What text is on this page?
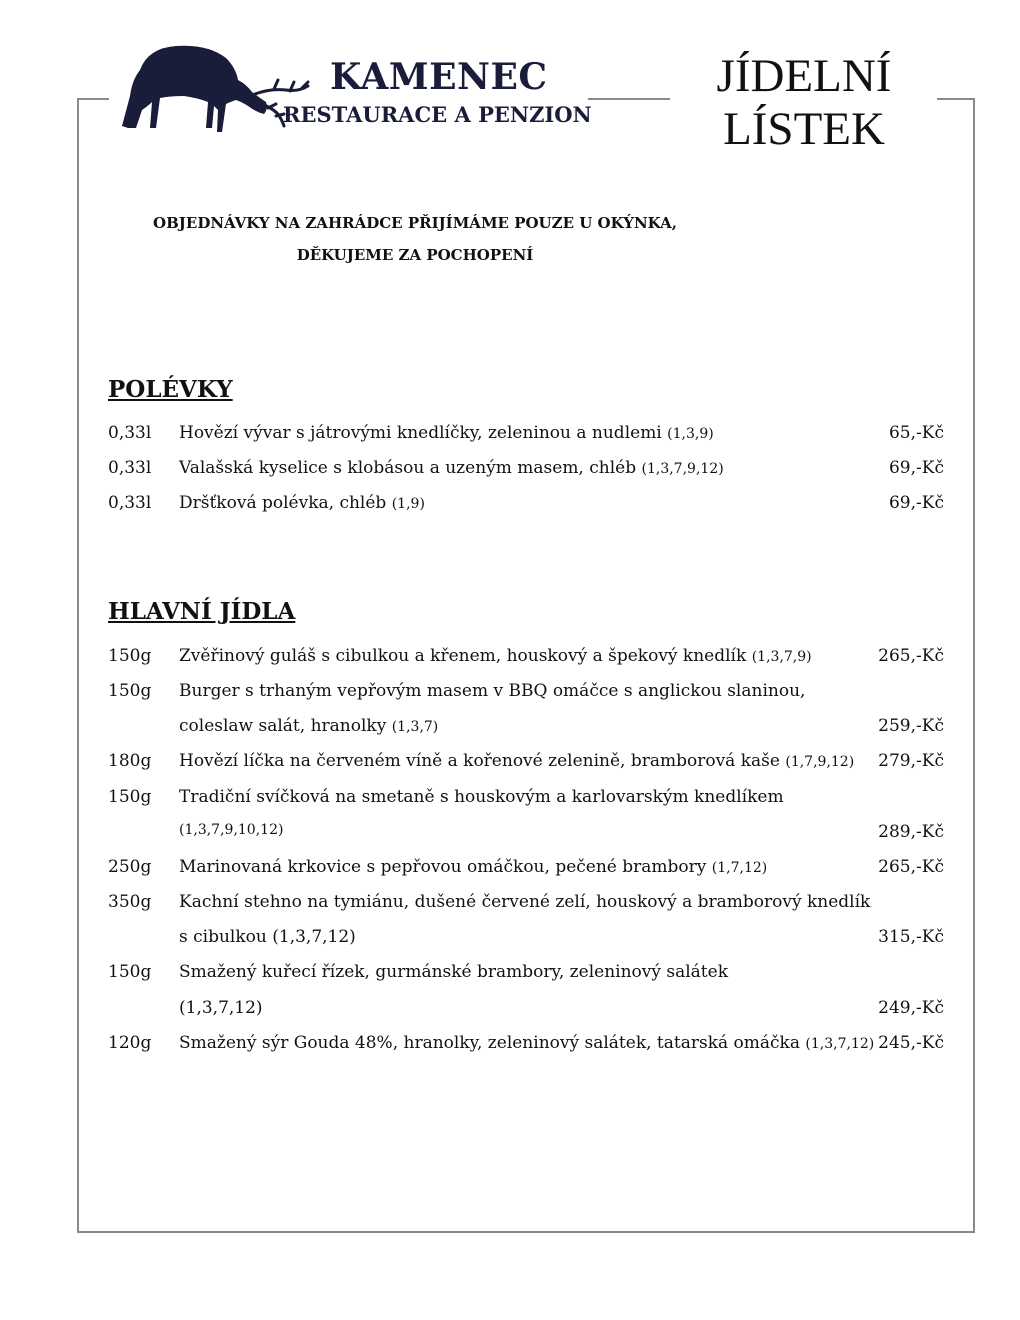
KAMENEC
RESTAURACE A PENZION
JÍDELNÍ
LÍSTEK
OBJEDNÁVKY NA ZAHRÁDCE PŘIJÍMÁME POUZE U OKÝNKA,
DĚKUJEME ZA POCHOPENÍ
POLÉVKY
0,33l Hovězí vývar s játrovými knedlíčky, zeleninou a nudlemi (1,3,9)	65,-Kč
0,33l Valašská kyselice s klobásou a uzeným masem, chléb (1,3,7,9,12)	69,-Kč
0,33l Dršťková polévka, chléb (1,9)	69,-Kč
HLAVNÍ JÍDLA
150g Zvěřinový guláš s cibulkou a křenem, houskový a špekový knedlík (1,3,7,9)	265,-Kč
150g Burger s trhaným vepřovým masem v BBQ omáčce s anglickou slaninou,
coleslaw salát, hranolky (1,3,7)	259,-Kč
180g Hovězí líčka na červeném víně a kořenové zelenině, bramborová kaše (1,7,9,12) 279,-Kč
150g Tradiční svíčková na smetaně s houskovým a karlovarským knedlíkem
(1,3,7,9,10,12)	289,-Kč
250g Marinovaná krkovice s pepřovou omáčkou, pečené brambory (1,7,12)	265,-Kč
350g Kachní stehno na tymiánu, dušené červené zelí, houskový a bramborový knedlík
s cibulkou (1,3,7,12)	315,-Kč
150g Smažený kuřecí řízek, gurmánské brambory, zeleninový salátek
(1,3,7,12)	249,-Kč
120g Smažený sýr Gouda 48%, hranolky, zeleninový salátek, tatarská omáčka (1,3,7,12) 245,-Kč
